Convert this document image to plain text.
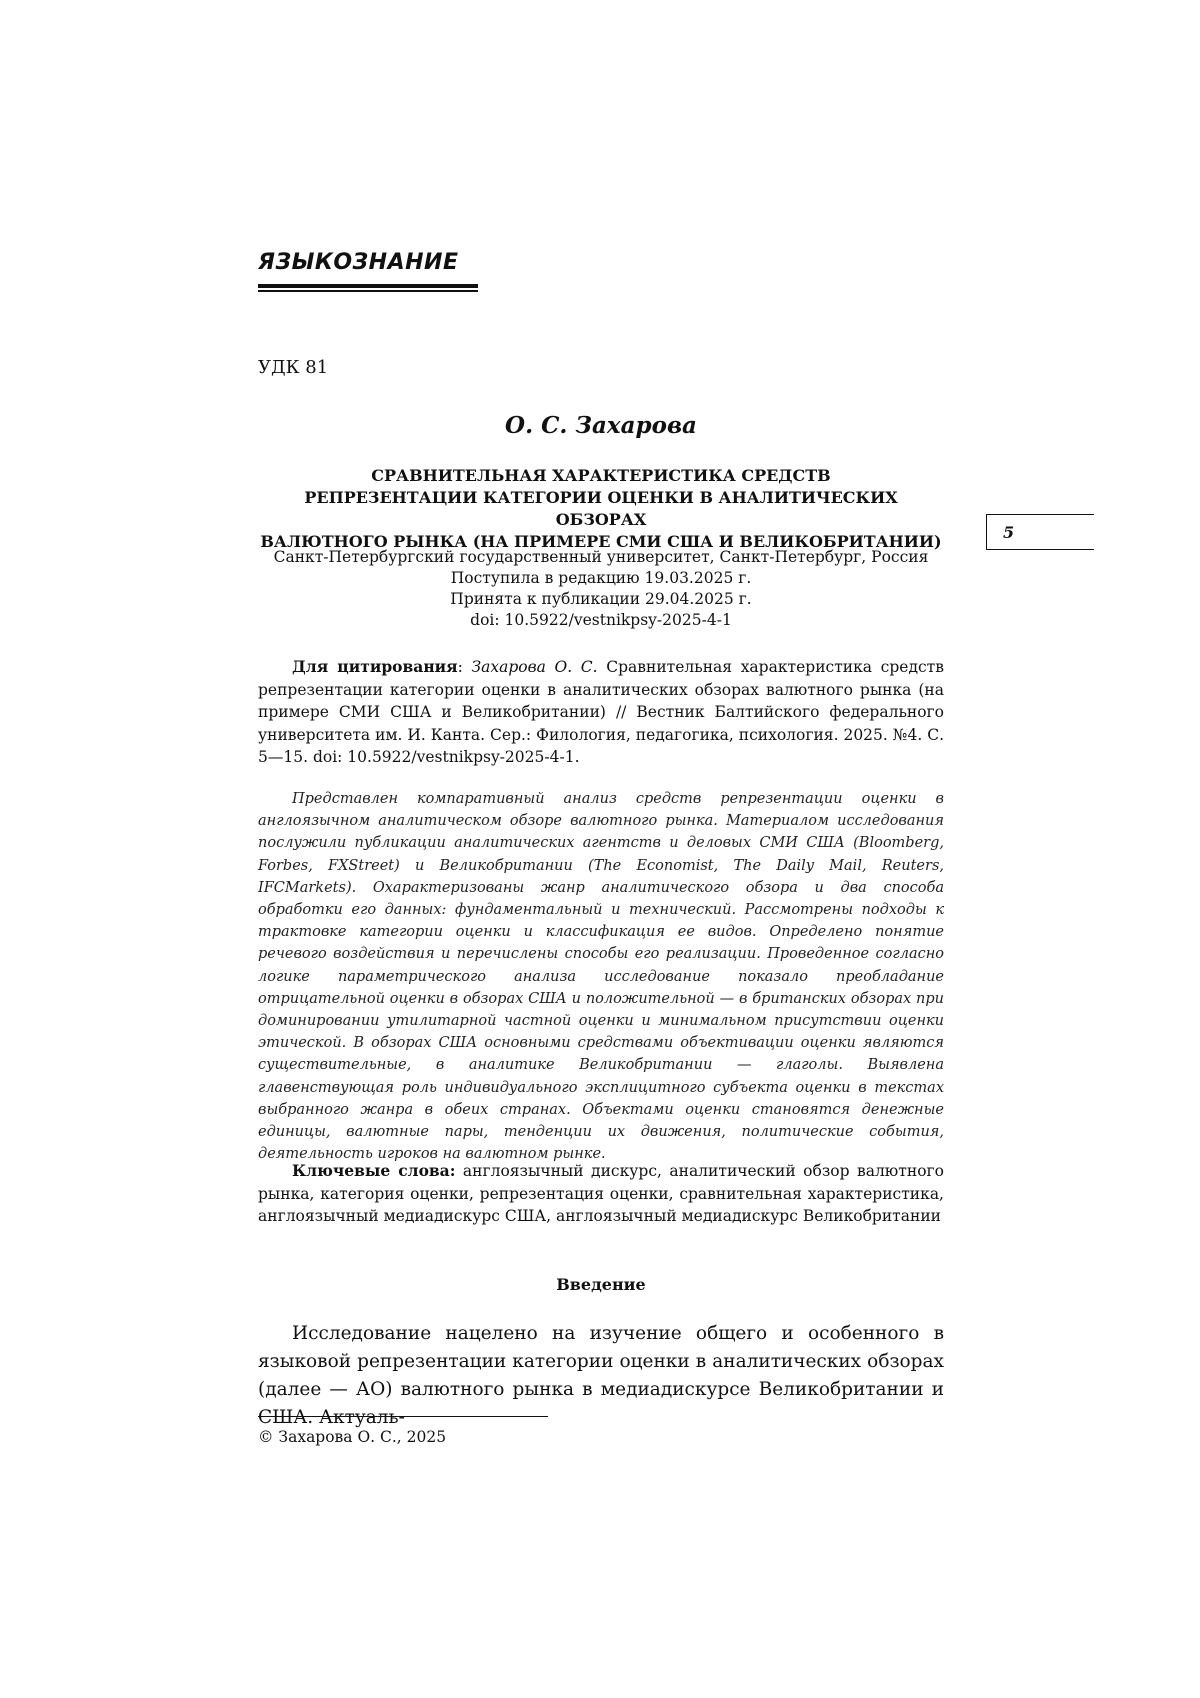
ЯЗЫКОЗНАНИЕ

УДК 81

О. С. Захарова

СРАВНИТЕЛЬНАЯ ХАРАКТЕРИСТИКА СРЕДСТВ
РЕПРЕЗЕНТАЦИИ КАТЕГОРИИ ОЦЕНКИ В АНАЛИТИЧЕСКИХ ОБЗОРАХ
ВАЛЮТНОГО РЫНКА (НА ПРИМЕРЕ СМИ США И ВЕЛИКОБРИТАНИИ)	5
Санкт-Петербургский государственный университет, Санкт-Петербург, Россия
Поступила в редакцию 19.03.2025 г.
Принята к публикации 29.04.2025 г.
doi: 10.5922/vestnikpsy-2025-4-1

Для цитирования: Захарова О. С. Сравнительная характеристика средств репрезентации категории оценки в аналитических обзорах валютного рынка (на примере СМИ США и Великобритании) // Вестник Балтийского федерального университета им. И. Канта. Сер.: Филология, педагогика, психология. 2025. №4. С. 5—15. doi: 10.5922/vestnikpsy-2025-4-1.

Представлен компаративный анализ средств репрезентации оценки в англоязычном аналитическом обзоре валютного рынка. Материалом исследования послужили публикации аналитических агентств и деловых СМИ США (Bloomberg, Forbes, FXStreet) и Великобритании (The Economist, The Daily Mail, Reuters, IFCMarkets). Охарактеризованы жанр аналитического обзора и два способа обработки его данных: фундаментальный и технический. Рассмотрены подходы к трактовке категории оценки и классификация ее видов. Определено понятие речевого воздействия и перечислены способы его реализации. Проведенное согласно логике параметрического анализа исследование показало преобладание отрицательной оценки в обзорах США и положительной — в британских обзорах при доминировании утилитарной частной оценки и минимальном присутствии оценки этической. В обзорах США основными средствами объективации оценки являются существительные, в аналитике Великобритании — глаголы. Выявлена главенствующая роль индивидуального эксплицитного субъекта оценки в текстах выбранного жанра в обеих странах. Объектами оценки становятся денежные единицы, валютные пары, тенденции их движения, политические события, деятельность игроков на валютном рынке.

Ключевые слова: англоязычный дискурс, аналитический обзор валютного рынка, категория оценки, репрезентация оценки, сравнительная характеристика, англоязычный медиадискурс США, англоязычный медиадискурс Великобритании

Введение

Исследование нацелено на изучение общего и особенного в языковой репрезентации категории оценки в аналитических обзорах (далее — АО) валютного рынка в медиадискурсе Великобритании и США. Актуаль-

© Захарова О. С., 2025
